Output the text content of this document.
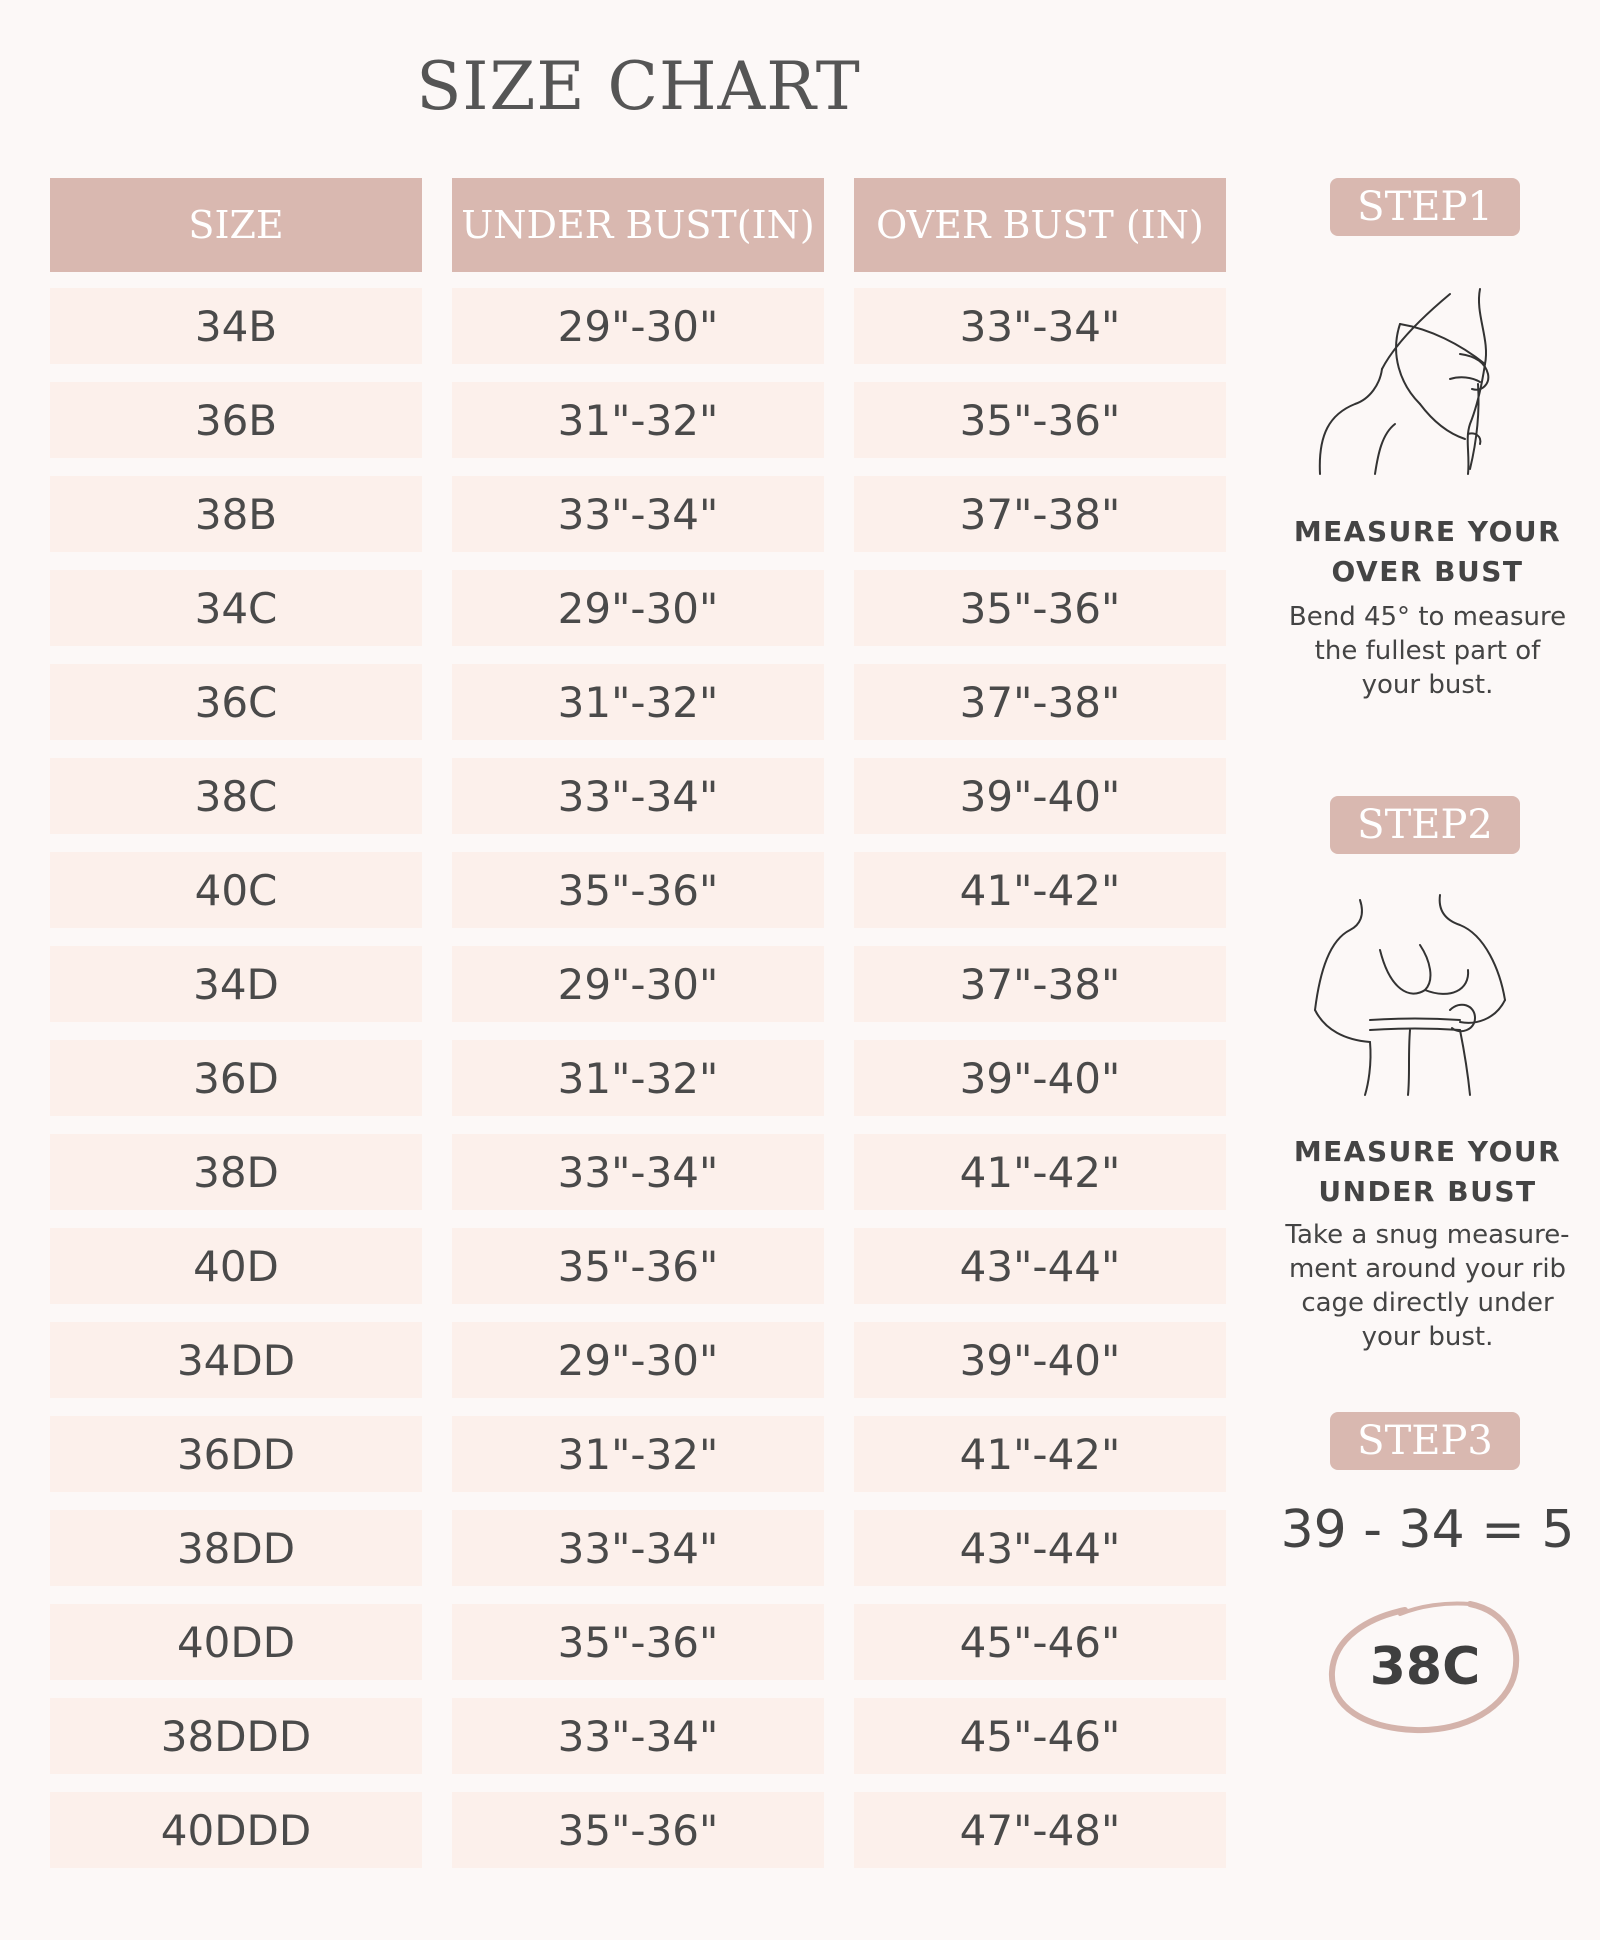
SIZE CHART
SIZE	UNDER BUST(IN)	OVER BUST (IN)
34B	29"-30"	33"-34"
36B	31"-32"	35"-36"
38B	33"-34"	37"-38"
34C	29"-30"	35"-36"
36C	31"-32"	37"-38"
38C	33"-34"	39"-40"
40C	35"-36"	41"-42"
34D	29"-30"	37"-38"
36D	31"-32"	39"-40"
38D	33"-34"	41"-42"
40D	35"-36"	43"-44"
34DD	29"-30"	39"-40"
36DD	31"-32"	41"-42"
38DD	33"-34"	43"-44"
40DD	35"-36"	45"-46"
38DDD	33"-34"	45"-46"
40DDD	35"-36"	47"-48"
STEP1
MEASURE YOUR
OVER BUST
Bend 45° to measure
the fullest part of
your bust.
STEP2
MEASURE YOUR
UNDER BUST
Take a snug measure-
ment around your rib
cage directly under
your bust.
STEP3
39 - 34 = 5
38C
